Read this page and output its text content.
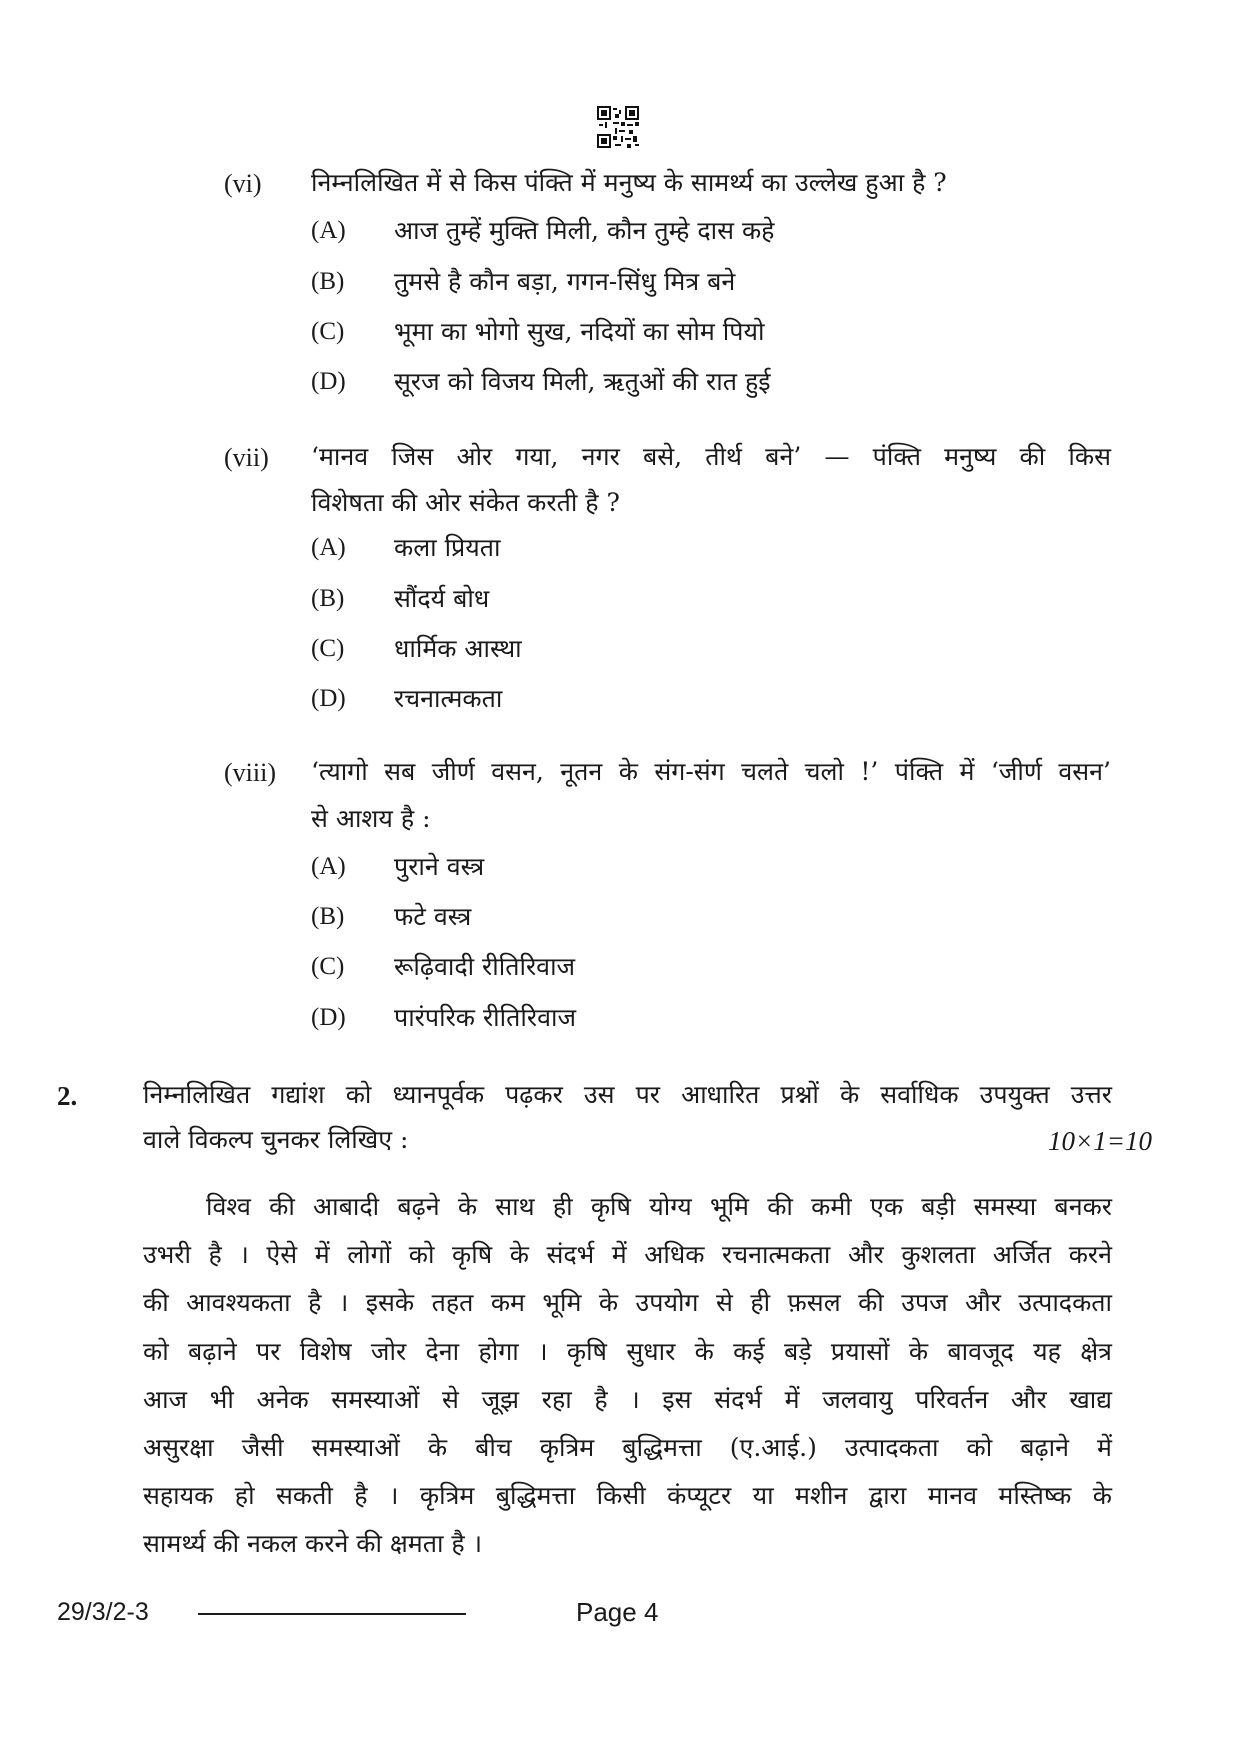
(vi) निम्नलिखित में से किस पंक्ति में मनुष्य के सामर्थ्य का उल्लेख हुआ है ?
(A) आज तुम्हें मुक्ति मिली, कौन तुम्हे दास कहे
(B) तुमसे है कौन बड़ा, गगन-सिंधु मित्र बने
(C) भूमा का भोगो सुख, नदियों का सोम पियो
(D) सूरज को विजय मिली, ऋतुओं की रात हुई
(vii) ‘मानव जिस ओर गया, नगर बसे, तीर्थ बने’ — पंक्ति मनुष्य की किस
विशेषता की ओर संकेत करती है ?
(A) कला प्रियता
(B) सौंदर्य बोध
(C) धार्मिक आस्था
(D) रचनात्मकता
(viii) ‘त्यागो सब जीर्ण वसन, नूतन के संग-संग चलते चलो !’ पंक्ति में ‘जीर्ण वसन’
से आशय है :
(A) पुराने वस्त्र
(B) फटे वस्त्र
(C) रूढ़िवादी रीतिरिवाज
(D) पारंपरिक रीतिरिवाज
2.	निम्नलिखित गद्यांश को ध्यानपूर्वक पढ़कर उस पर आधारित प्रश्नों के सर्वाधिक उपयुक्त उत्तर
वाले विकल्प चुनकर लिखिए :	10×1=10
विश्व की आबादी बढ़ने के साथ ही कृषि योग्य भूमि की कमी एक बड़ी समस्या बनकर
उभरी है । ऐसे में लोगों को कृषि के संदर्भ में अधिक रचनात्मकता और कुशलता अर्जित करने
की आवश्यकता है । इसके तहत कम भूमि के उपयोग से ही फ़सल की उपज और उत्पादकता
को बढ़ाने पर विशेष जोर देना होगा । कृषि सुधार के कई बड़े प्रयासों के बावजूद यह क्षेत्र
आज भी अनेक समस्याओं से जूझ रहा है । इस संदर्भ में जलवायु परिवर्तन और खाद्य
असुरक्षा जैसी समस्याओं के बीच कृत्रिम बुद्धिमत्ता (ए.आई.) उत्पादकता को बढ़ाने में
सहायक हो सकती है । कृत्रिम बुद्धिमत्ता किसी कंप्यूटर या मशीन द्वारा मानव मस्तिष्क के
सामर्थ्य की नकल करने की क्षमता है ।
29/3/2-3	Page 4
